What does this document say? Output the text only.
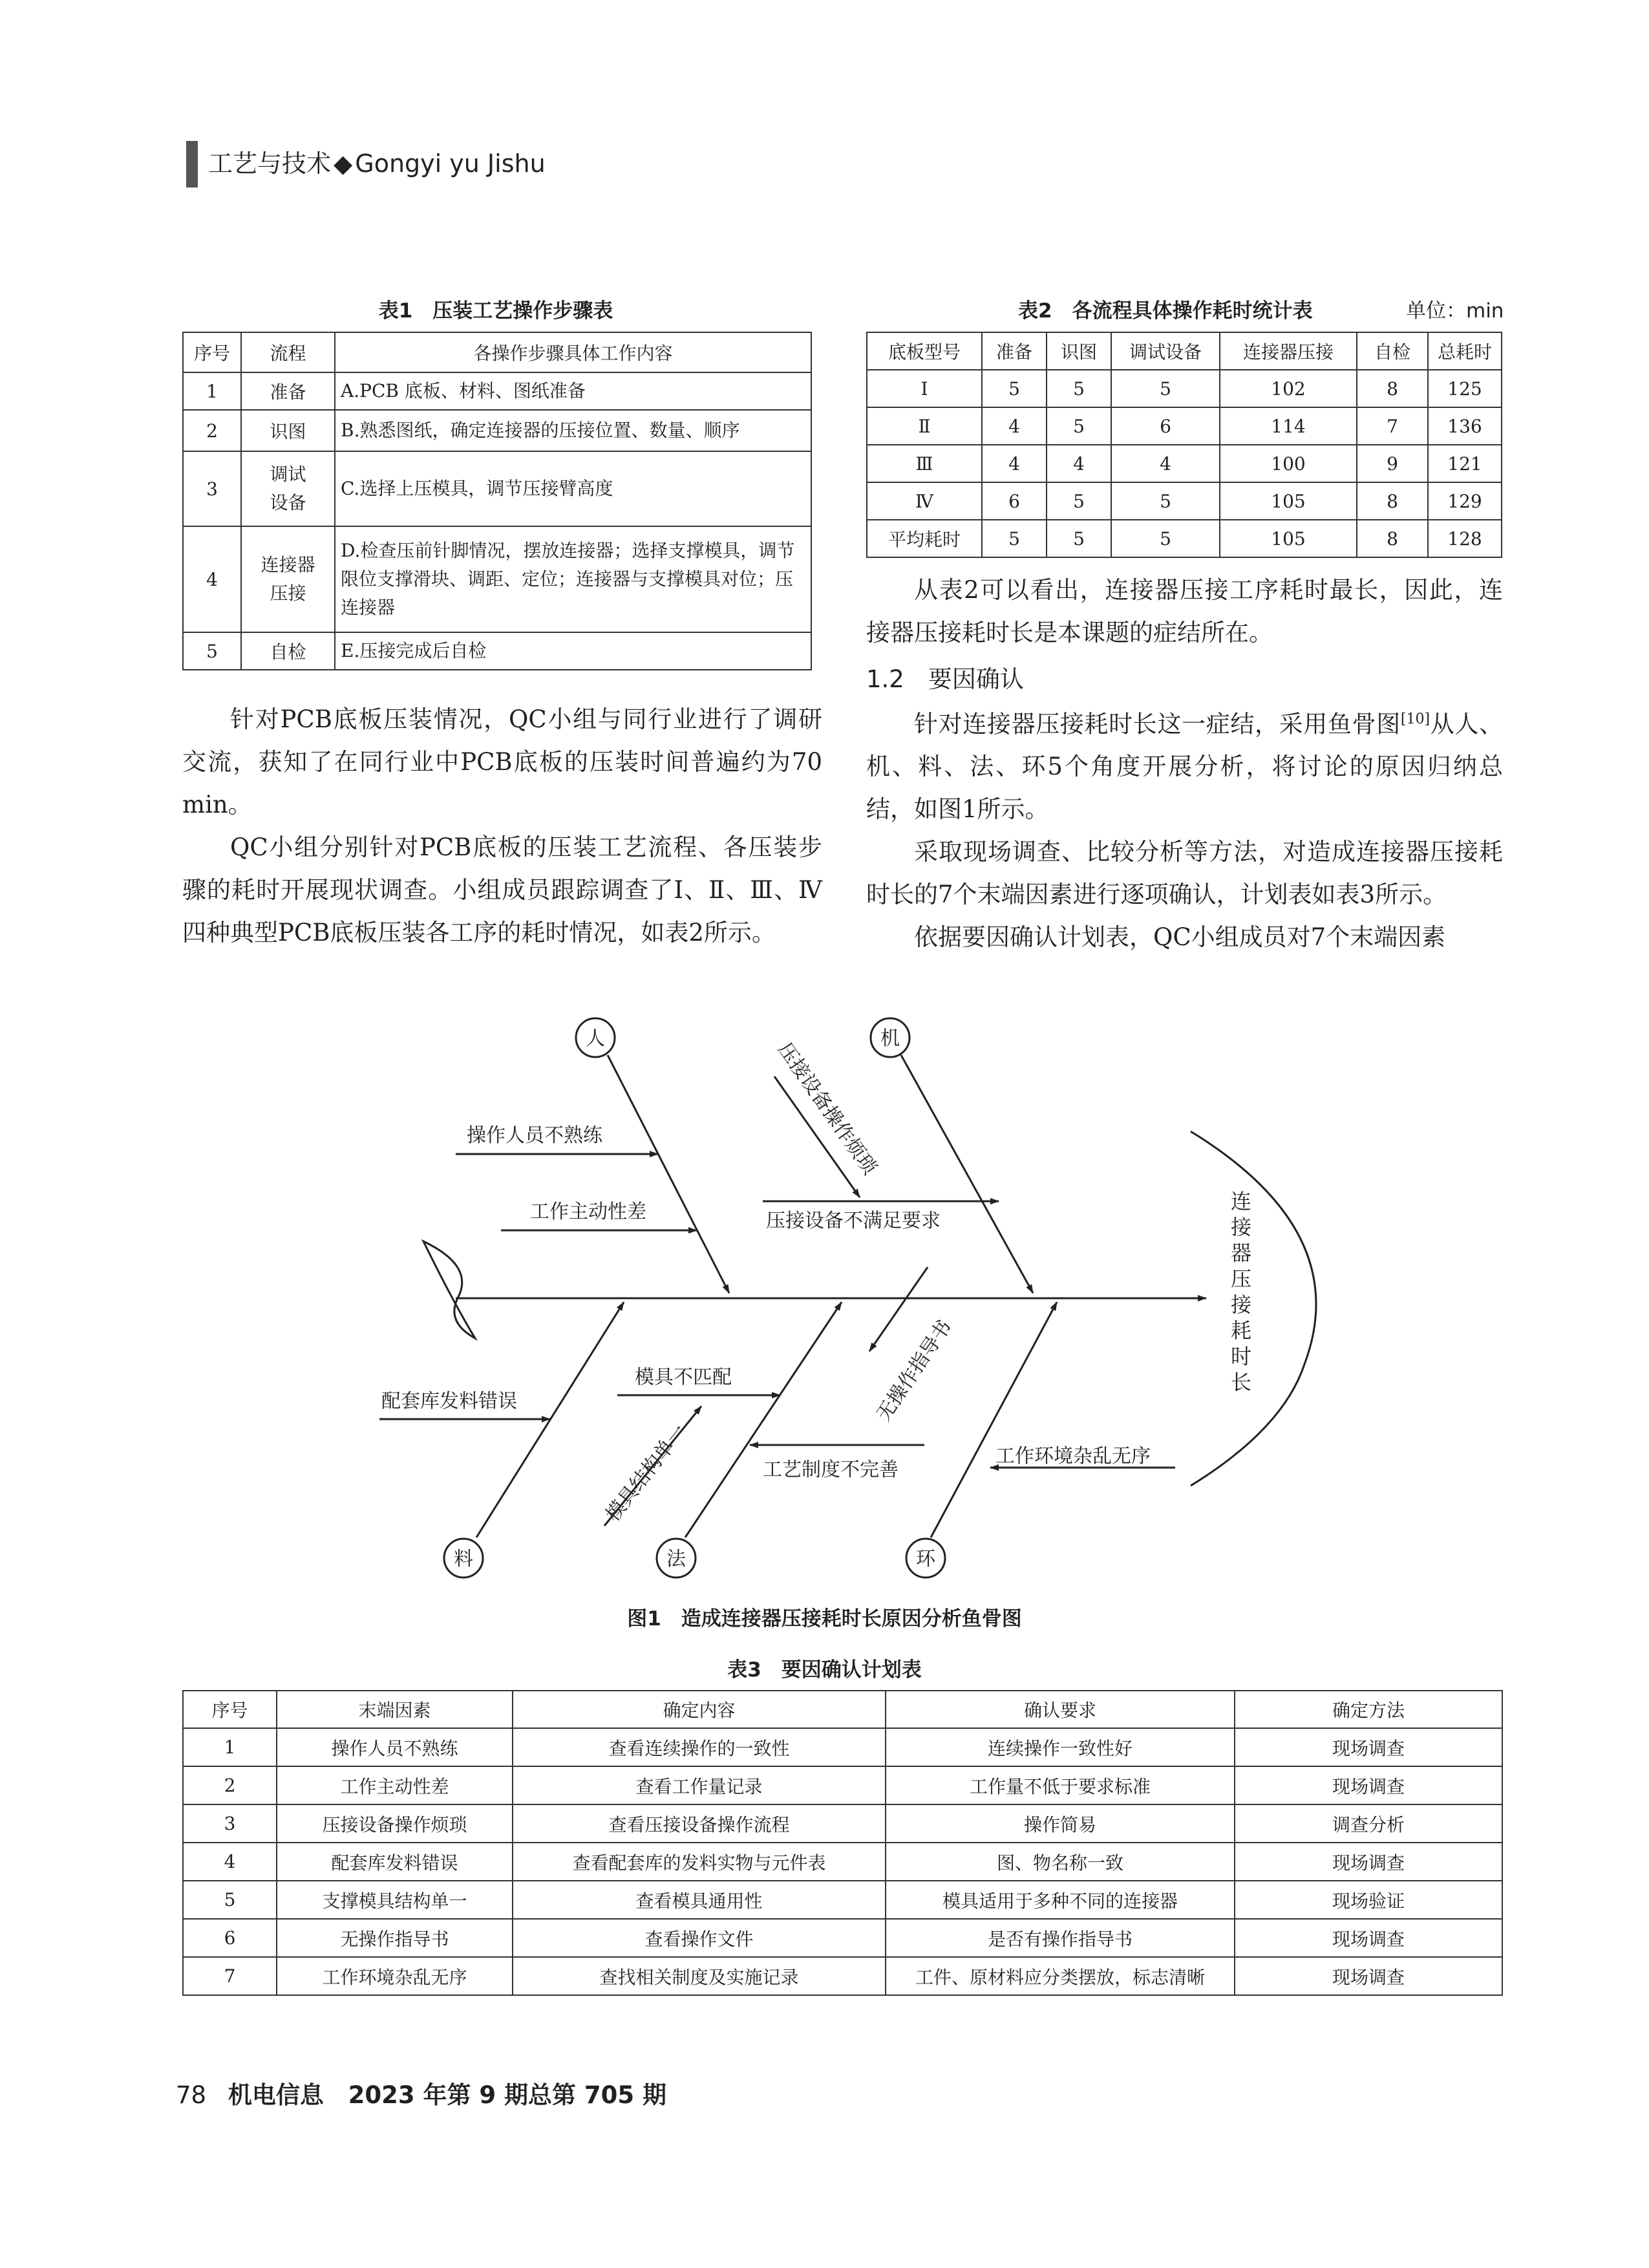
工艺与技术 ◆ Gongyi yu Jishu
表1　压装工艺操作步骤表
序号	流程	各操作步骤具体工作内容
1	准备	A.PCB 底板、材料、图纸准备
2	识图	B.熟悉图纸，确定连接器的压接位置、数量、顺序
3	调试设备	C.选择上压模具，调节压接臂高度
4	连接器压接	D.检查压前针脚情况，摆放连接器；选择支撑模具，调节限位支撑滑块、调距、定位；连接器与支撑模具对位；压连接器
5	自检	E.压接完成后自检
表2　各流程具体操作耗时统计表	单位：min
底板型号	准备	识图	调试设备	连接器压接	自检	总耗时
Ⅰ	5	5	5	102	8	125
Ⅱ	4	5	6	114	7	136
Ⅲ	4	4	4	100	9	121
Ⅳ	6	5	5	105	8	129
平均耗时	5	5	5	105	8	128

针对PCB底板压装情况，QC小组与同行业进行了调研交流，获知了在同行业中PCB底板的压装时间普遍约为70 min。

QC小组分别针对PCB底板的压装工艺流程、各压装步骤的耗时开展现状调查。小组成员跟踪调查了Ⅰ、Ⅱ、Ⅲ、Ⅳ四种典型PCB底板压装各工序的耗时情况，如表2所示。

从表2可以看出，连接器压接工序耗时最长，因此，连接器压接耗时长是本课题的症结所在。

1.2　要因确认

针对连接器压接耗时长这一症结，采用鱼骨图[10]从人、机、料、法、环5个角度开展分析，将讨论的原因归纳总结，如图1所示。

采取现场调查、比较分析等方法，对造成连接器压接耗时长的7个末端因素进行逐项确认，计划表如表3所示。

依据要因确认计划表，QC小组成员对7个末端因素

人	机
料	法	环
操作人员不熟练
工作主动性差	压接设备不满足要求
配套库发料错误
模具不匹配
工艺制度不完善
工作环境杂乱无序
压接设备操作烦琐
模具结构单一
无操作指导书
连接器压接耗时长
图1　造成连接器压接耗时长原因分析鱼骨图
表3　要因确认计划表
序号	末端因素	确定内容	确认要求	确定方法
1	操作人员不熟练	查看连续操作的一致性	连续操作一致性好	现场调查
2	工作主动性差	查看工作量记录	工作量不低于要求标准	现场调查
3	压接设备操作烦琐	查看压接设备操作流程	操作简易	调查分析
4	配套库发料错误	查看配套库的发料实物与元件表	图、物名称一致	现场调查
5	支撑模具结构单一	查看模具通用性	模具适用于多种不同的连接器	现场验证
6	无操作指导书	查看操作文件	是否有操作指导书	现场调查
7	工作环境杂乱无序	查找相关制度及实施记录	工件、原材料应分类摆放，标志清晰	现场调查
78 机电信息 2023 年第 9 期总第 705 期
